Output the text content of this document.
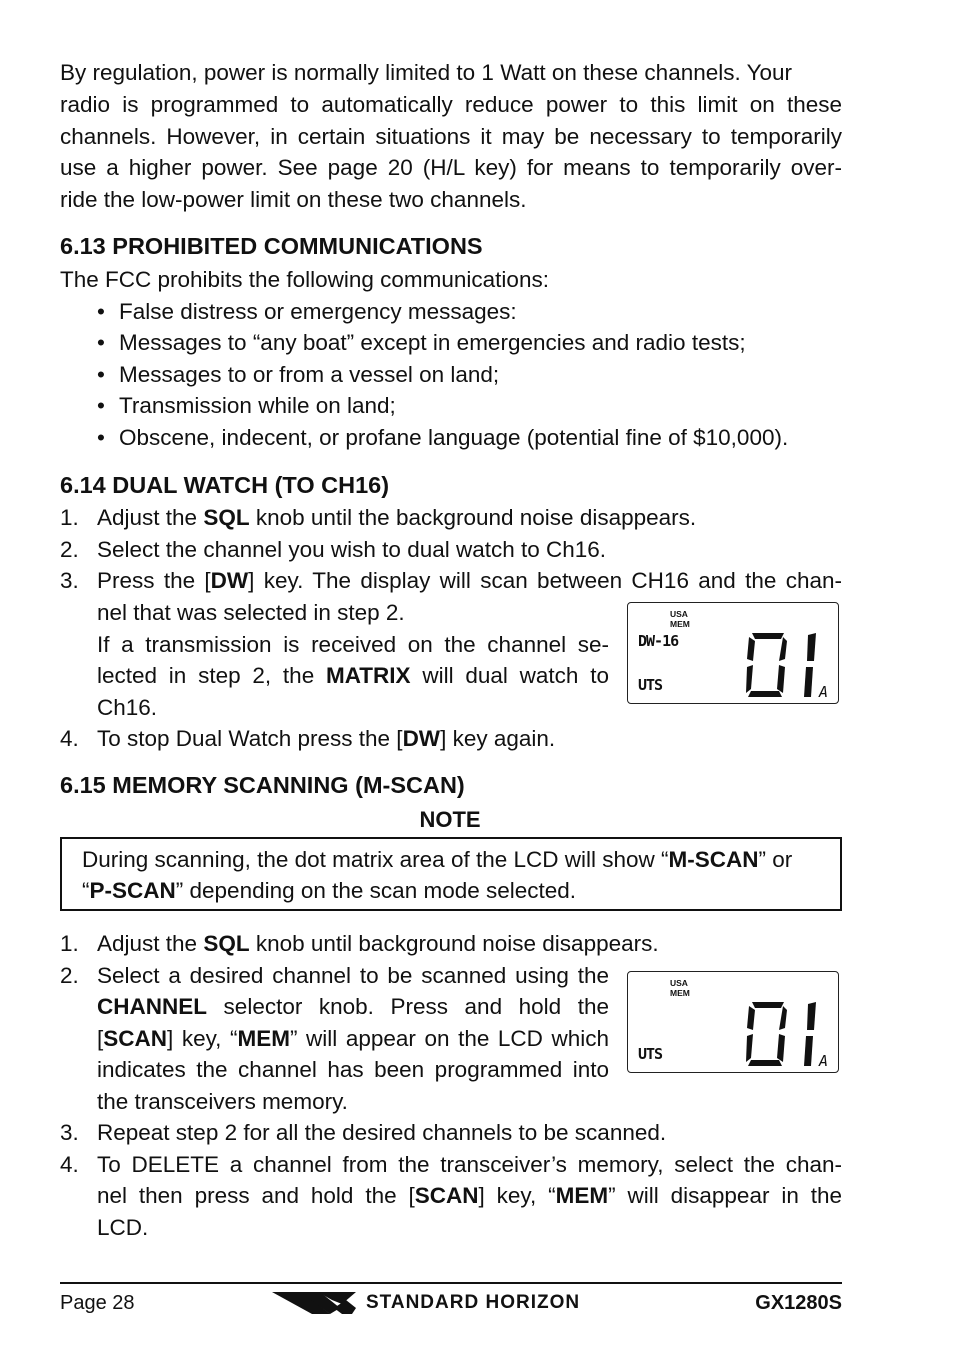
By regulation, power is normally limited to 1 Watt on these channels. Your
radio is programmed to automatically reduce power to this limit on these
channels. However, in certain situations it may be necessary to temporarily
use a higher power. See page 20 (H/L key) for means to temporarily over-
ride the low-power limit on these two channels.
6.13 PROHIBITED COMMUNICATIONS
The FCC prohibits the following communications:
• False distress or emergency messages:
• Messages to “any boat” except in emergencies and radio tests;
• Messages to or from a vessel on land;
• Transmission while on land;
• Obscene, indecent, or profane language (potential fine of $10,000).
6.14 DUAL WATCH (TO CH16)
1. Adjust the SQL knob until the background noise disappears.
2. Select the channel you wish to dual watch to Ch16.
3. Press the [DW] key. The display will scan between CH16 and the chan-
nel that was selected in step 2.
If a transmission is received on the channel se-
lected in step 2, the MATRIX will dual watch to
Ch16.
4. To stop Dual Watch press the [DW] key again.
USA
MEM
DW-16
UTS	A
6.15 MEMORY SCANNING (M-SCAN)
NOTE
During scanning, the dot matrix area of the LCD will show “M-SCAN” or
“P-SCAN” depending on the scan mode selected.
1. Adjust the SQL knob until background noise disappears.
2. Select a desired channel to be scanned using the
CHANNEL selector knob. Press and hold the
[SCAN] key, “MEM” will appear on the LCD which
indicates the channel has been programmed into
the transceivers memory.
3. Repeat step 2 for all the desired channels to be scanned.
4. To DELETE a channel from the transceiver’s memory, select the chan-
nel then press and hold the [SCAN] key, “MEM” will disappear in the
LCD.
USA
MEM
UTS	A
Page 28	STANDARD HORIZON	GX1280S
